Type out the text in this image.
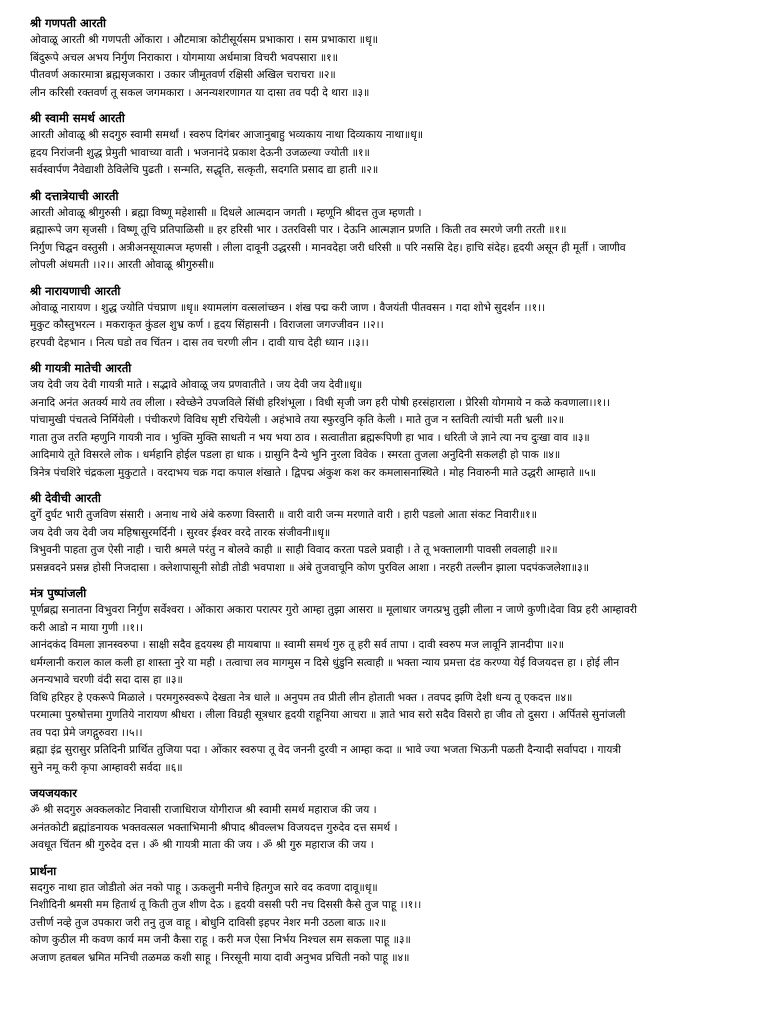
श्री गणपती आरती
ओवाळू आरती श्री गणपती ओंकारा । औटमात्रा कोटीसूर्यसम प्रभाकारा । सम प्रभाकारा ॥धृ॥
बिंदुरूपे अचल अभय निर्गुण निराकारा । योगमाया अर्धमात्रा विचरी भवपसारा ॥१॥
पीतवर्ण अकारमात्रा ब्रह्मसृजकारा । उकार जीमूतवर्ण रक्षिसी अखिल चराचरा ॥२॥
लीन करिसी रक्तवर्ण तू सकल जगमकारा । अनन्यशरणागत या दासा तव पदी दे थारा ॥३॥
श्री स्वामी समर्थ आरती
आरती ओवाळू श्री सदगुरु स्वामी समर्थां । स्वरुप दिगंबर आजानुबाहु भव्यकाय नाथा दिव्यकाय नाथा॥धृ॥
हृदय निरांजनी शुद्ध प्रेमुती भावाच्या वाती । भजनानंदे प्रकाश देऊनी उजळल्या ज्योती ॥१॥
सर्वस्वार्पण नैवेद्याशी ठेविलेचि पुढती । सन्मति, सद्धृति, सत्कृती, सदगति प्रसाद द्या हाती ॥२॥
श्री दत्तात्रेयाची आरती
आरती ओवाळू श्रीगुरुसी । ब्रह्मा विष्णू महेशासी ॥ दिधले आत्मदान जगती । म्हणूनि श्रीदत्त तुज म्हणती ।
ब्रह्मारूपे जग सृजसी । विष्णू तूचि प्रतिपाळिसी ॥ हर हरिसी भार । उतरविसी पार । देऊनि आत्मज्ञान प्रणति । किती तव स्मरणे जगी तरती ॥१॥
निर्गुण चिद्घन वस्तुसी । अत्रीअनसूयात्मज म्हणसी । लीला दावूनी उद्धरसी । मानवदेहा जरी धरिसी ॥ परि नससि देह। हाचि संदेह। हृदयी असून ही मूर्ती । जाणीव
लोपली अंधमती ।।२।। आरती ओवाळू श्रीगुरुसी॥
श्री नारायणाची आरती
ओवाळू नारायण । शुद्ध ज्योति पंचप्राण ॥धृ॥ श्यामलांग वत्सलांच्छन । शंख पद्म करी जाण । वैजयंती पीतवसन । गदा शोभे सुदर्शन ।।१।।
मुकुट कौस्तुभरत्न । मकराकृत कुंडल शुभ्र कर्ण । हृदय सिंहासनी । विराजला जगज्जीवन ।।२।।
हरपवी देहभान । नित्य घडो तव चिंतन । दास तव चरणी लीन । दावी याच देही ध्यान ।।३।।
श्री गायत्री मातेची आरती
जय देवी जय देवी गायत्री माते । सद्भावे ओवाळू जय प्रणवातीते । जय देवी जय देवी॥धृ॥
अनादि अनंत अतर्क्य माये तव लीला । स्वेच्छेने उपजविले सिंधी हरिशंभूला । विधी सृजी जग हरी पोषी हरसंहाराला । प्रेरिसी योगमाये न कळे कवणाला।।१।।
पांचामुखी पंचतत्वे निर्मियेली । पंचीकरणे विविध सृष्टी रचियेली । अहंभावे तया स्फुरवुनि कृति केली । माते तुज न स्तविती त्यांची मती भ्रली ॥२॥
गाता तुज तरति म्हणुनि गायत्री नाव । भुक्ति मुक्ति साधती न भय भया ठाव । सत्वातीता ब्रह्मरूपिणी हा भाव । धरिती जे ज्ञाने त्या नच दुःखा वाव ॥३॥
आदिमाये तूते विसरले लोक । धर्महानि होईल पडला हा धाक । ग्रासुनि दैन्ये भुनि नुरला विवेक । स्मरता तुजला अनुदिनी सकलही हो पाक ॥४॥
त्रिनेत्र पंचशिरे चंद्रकला मुकुटाते । वरदाभय चक्र गदा कपाल शंखाते । द्विपद्म अंकुश कश कर कमलासनास्थिते । मोह निवारुनी माते उद्धरी आम्हाते ॥५॥
श्री देवीची आरती
दुर्गे दुर्घट भारी तुजविण संसारी । अनाथ नाथे अंबे करुणा विस्तारी ॥ वारी वारी जन्म मरणाते वारी । हारी पडलो आता संकट निवारी॥१॥
जय देवी जय देवी जय महिषासुरमर्दिनी । सुरवर ईश्वर वरदे तारक संजीवनी॥धृ॥
त्रिभुवनी पाहता तुज ऐसी नाही । चारी श्रमले परंतु न बोलवे काही ॥ साही विवाद करता पडले प्रवाही । ते तू भक्तालागी पावसी लवलाही ॥२॥
प्रसन्नवदने प्रसन्न होसी निजदासा । क्लेशापासूनी सोडी तोडी भवपाशा ॥ अंबे तुजवाचूनि कोण पुरविल आशा । नरहरी तल्लीन झाला पदपंकजलेशा॥३॥
मंत्र पुष्पांजली
पूर्णब्रह्म सनातना विभुवरा निर्गुण सर्वेश्वरा । ओंकारा अकारा परात्पर गुरो आम्हा तुझा आसरा ॥ मूलाधार जगत्प्रभु तुझी लीला न जाणे कुणी।देवा विप्र हरी आम्हावरी
करी आडो न माया गुणी ।।१।।
आनंदकंद विमला ज्ञानस्वरुपा । साक्षी सदैव हृदयस्थ ही मायबापा ॥ स्वामी समर्थ गुरु तू हरी सर्व तापा । दावी स्वरुप मज लावूनि ज्ञानदीपा ॥२॥
धर्मग्लानी कराल काल कली हा शास्ता नुरे या मही । तत्वाचा लव मागमुस न दिसे धुंडुनि सत्वाही ॥ भक्ता न्याय प्रमत्ता दंड करण्या येई विजयदत्त हा । होई लीन
अनन्यभावे चरणी वंदी सदा दास हा ॥३॥
विधि हरिहर हे एकरूपे मिळाले । परमगुरुस्वरूपे देखता नेत्र धाले ॥ अनुपम तव प्रीती लीन होताती भक्त । तवपद झणि देशी धन्य तू एकदत्त ॥४॥
परमात्मा पुरुषोत्तमा गुणतिये नारायण श्रीधरा । लीला विग्रही सूत्रधार हृदयी राहूनिया आचरा ॥ ज्ञाते भाव सरो सदैव विसरो हा जीव तो दुसरा । अर्पितसे सुनांजली
तव पदा प्रेमे जगद्गुरुवरा ।।५।।
ब्रह्मा इंद्र सुरासुर प्रतिदिनी प्रार्थित तुजिया पदा । ओंकार स्वरुपा तू वेद जननी दुरवी न आम्हा कदा ॥ भावे ज्या भजता भिऊनी पळती दैन्यादी सर्वापदा । गायत्री
सुने नमू करी कृपा आम्हावरी सर्वदा ॥६॥
जयजयकार
ॐ श्री सदगुरु अक्कलकोट निवासी राजाधिराज योगीराज श्री स्वामी समर्थ महाराज की जय ।
अनंतकोटी ब्रह्मांडनायक भक्तवत्सल भक्ताभिमानी श्रीपाद श्रीवल्लभ विजयदत्त गुरुदेव दत्त समर्थ ।
अवधूत चिंतन श्री गुरुदेव दत्त । ॐ श्री गायत्री माता की जय । ॐ श्री गुरु महाराज की जय ।
प्रार्थना
सदगुरु नाथा हात जोडीतो अंत नको पाहू । ऊकलुनी मनीचे हितगुज सारे वद कवणा दावू॥धृ॥
निशीदिनी श्रमसी मम हितार्थ तू किती तुज शीण देऊ । हृदयी वससी परी नच दिससी कैसे तुज पाहू ।।१।।
उत्तीर्ण नव्हे तुज उपकारा जरी तनु तुज वाहू । बोधुनि दाविसी इहपर नेशर मनी उठला बाऊ ॥२॥
कोण कुठील मी कवण कार्य मम जनी कैसा राहू । करी मज ऐसा निर्भय निश्चल सम सकला पाहू ॥३॥
अजाण हतबल भ्रमित मनिची तळमळ कशी साहू । निरसूनी माया दावी अनुभव प्रचिती नको पाहू ॥४॥
